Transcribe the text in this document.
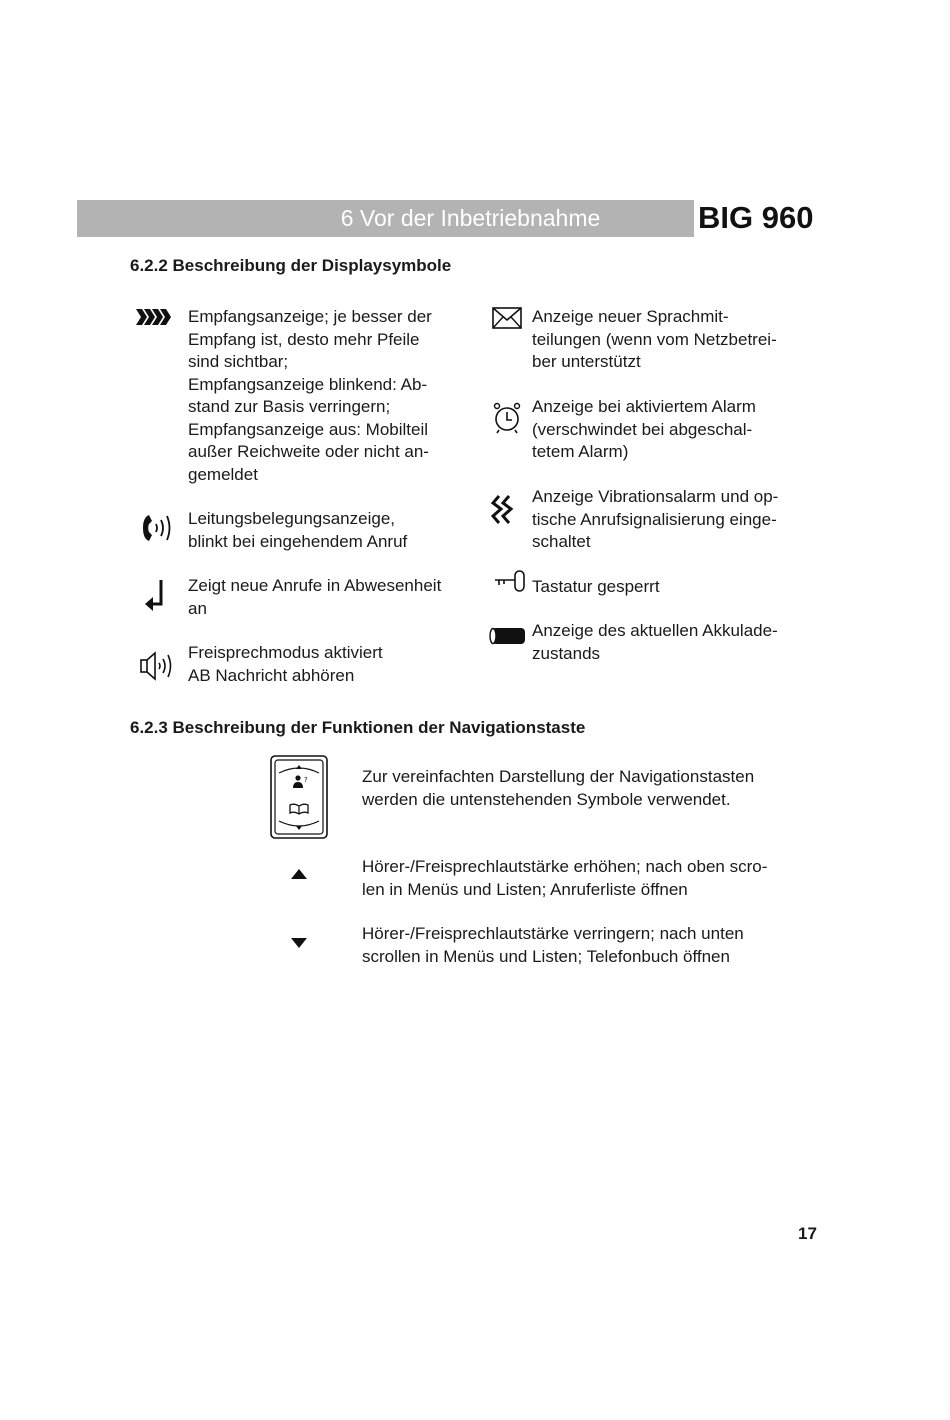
6 Vor der Inbetriebnahme	BIG 960
6.2.2 Beschreibung der Displaysymbole
Empfangsanzeige; je besser der
Empfang ist, desto mehr Pfeile
sind sichtbar;
Empfangsanzeige blinkend: Ab-
stand zur Basis verringern;
Empfangsanzeige aus: Mobilteil
außer Reichweite oder nicht an-
gemeldet
Leitungsbelegungsanzeige,
blinkt bei eingehendem Anruf
Zeigt neue Anrufe in Abwesenheit
an
Freisprechmodus aktiviert
AB Nachricht abhören
Anzeige neuer Sprachmit-
teilungen (wenn vom Netzbetrei-
ber unterstützt
Anzeige bei aktiviertem Alarm
(verschwindet bei abgeschal-
tetem Alarm)
Anzeige Vibrationsalarm und op-
tische Anrufsignalisierung einge-
schaltet
Tastatur gesperrt
Anzeige des aktuellen Akkulade-
zustands
6.2.3 Beschreibung der Funktionen der Navigationstaste
?	Zur vereinfachten Darstellung der Navigationstasten
werden die untenstehenden Symbole verwendet.
Hörer-/Freisprechlautstärke erhöhen; nach oben scro-
len in Menüs und Listen; Anruferliste öffnen
Hörer-/Freisprechlautstärke verringern; nach unten
scrollen in Menüs und Listen; Telefonbuch öffnen
17
